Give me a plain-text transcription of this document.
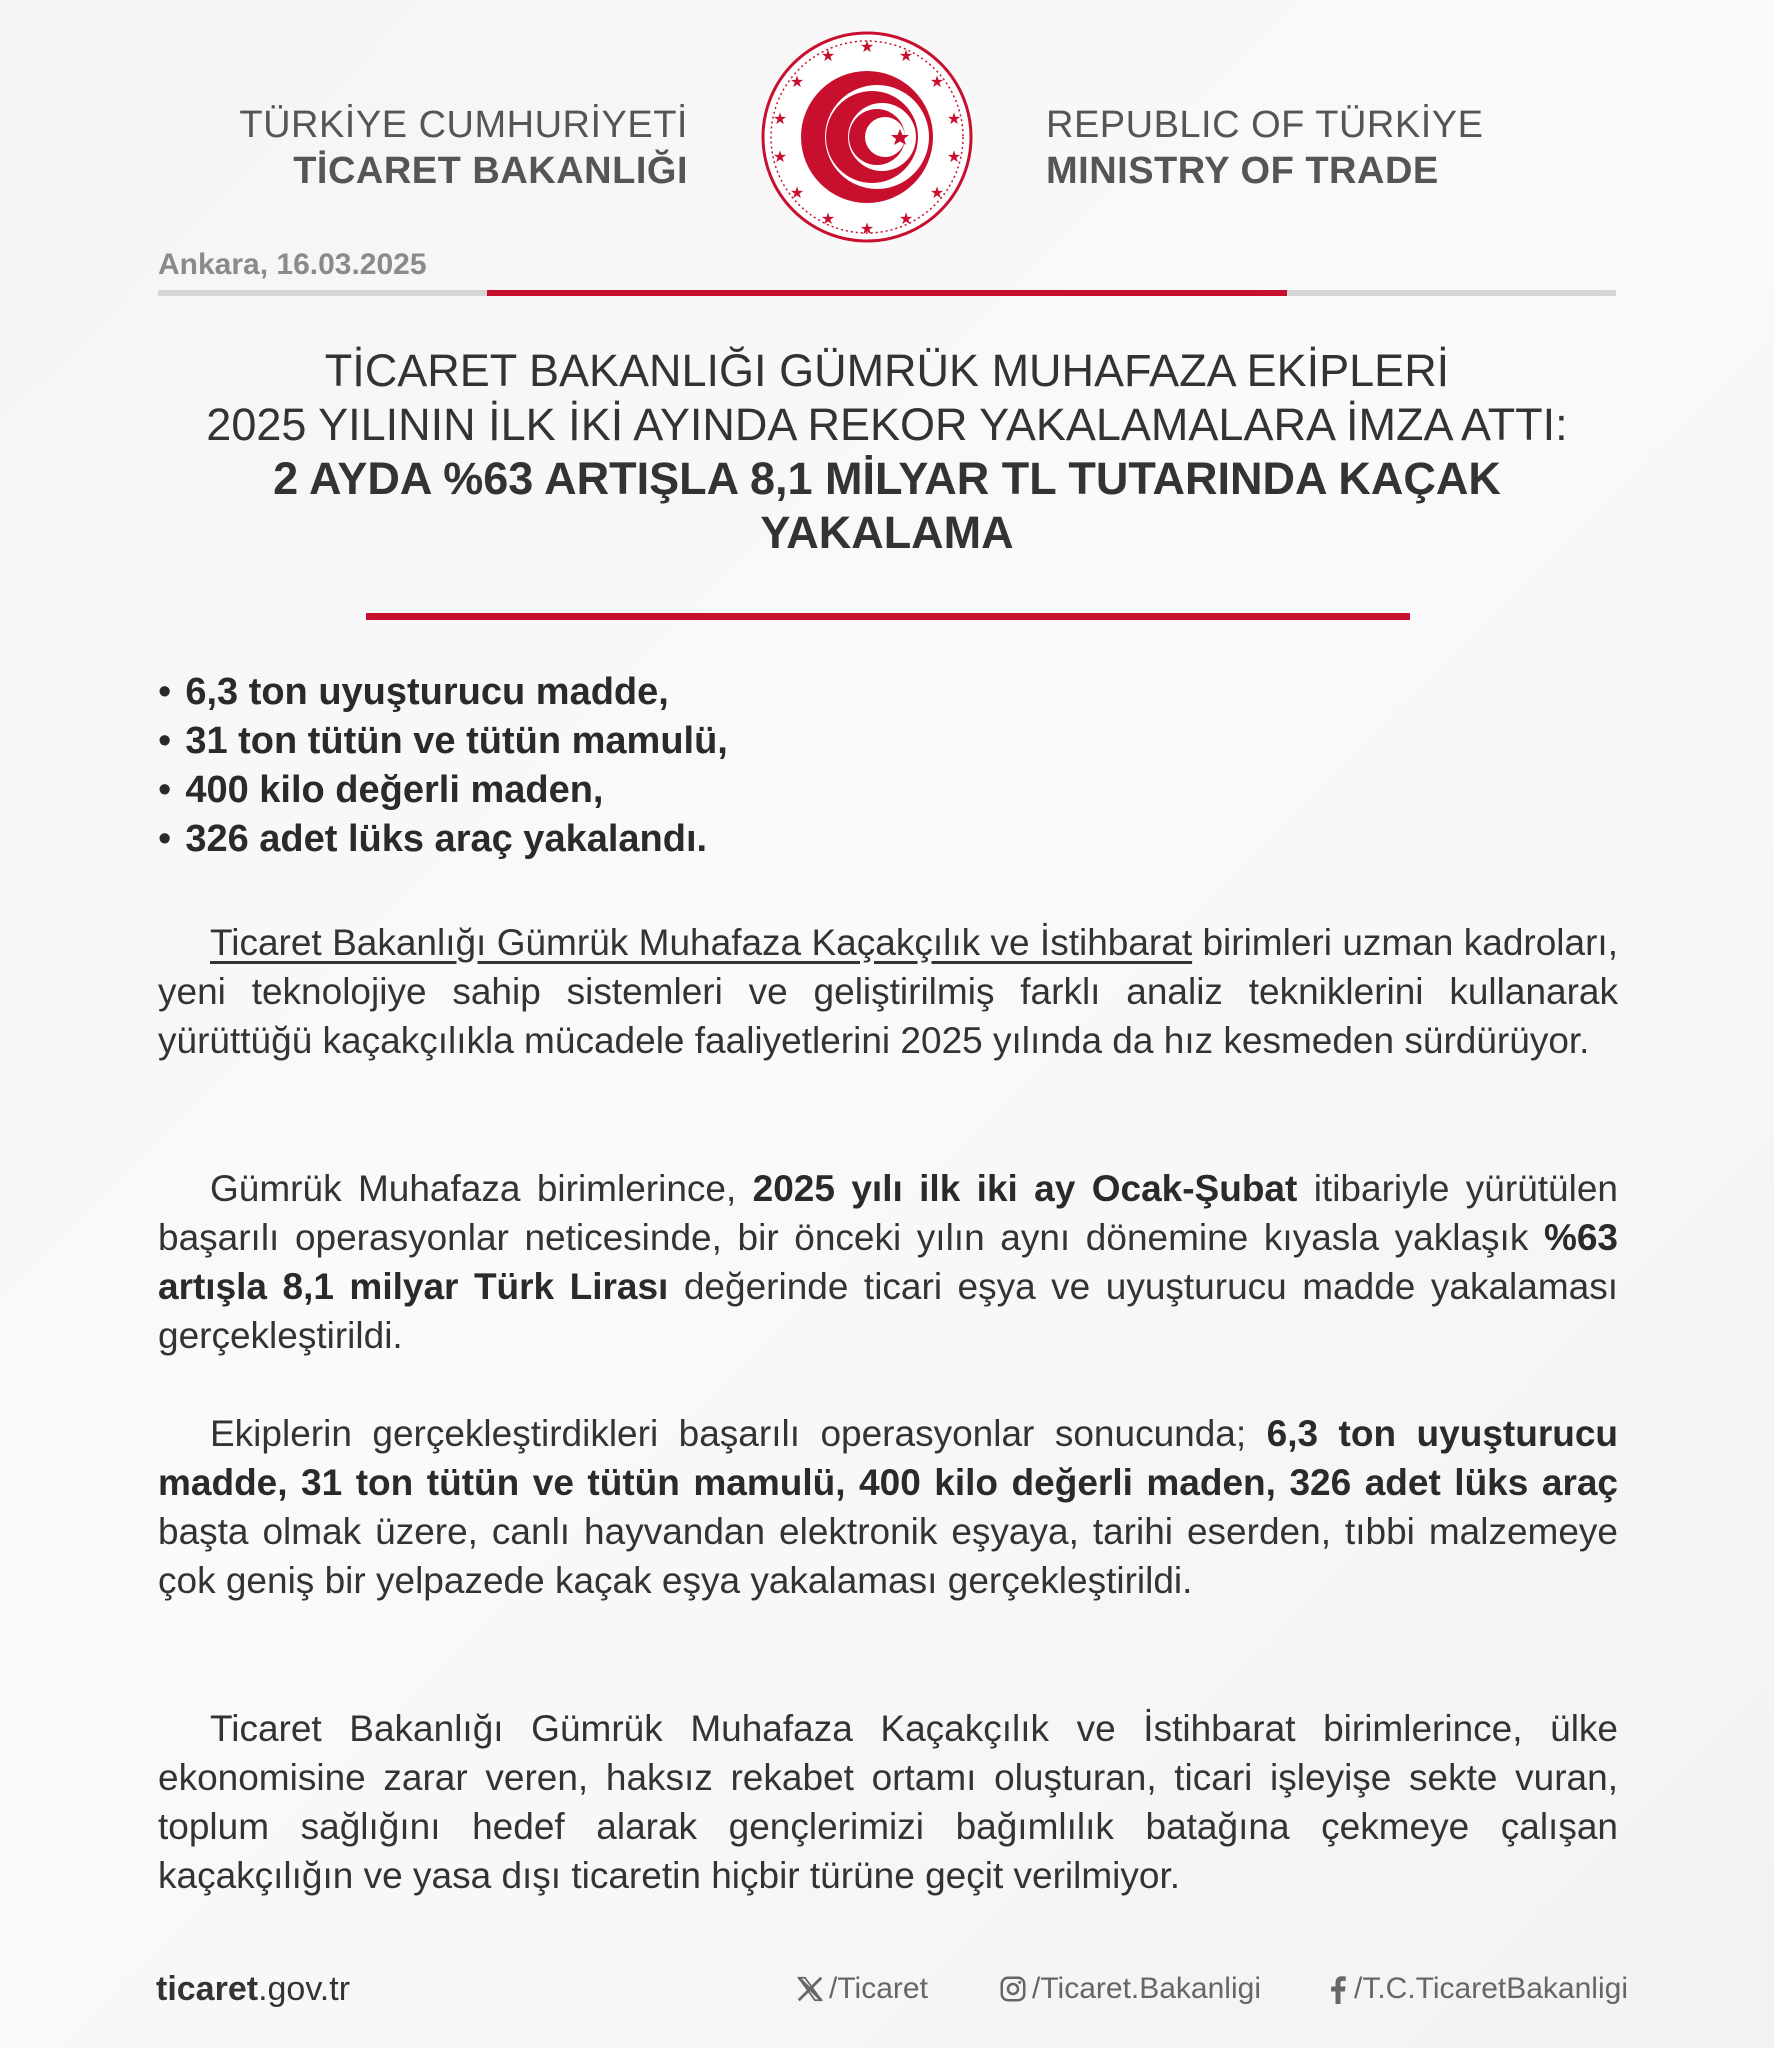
TÜRKİYE CUMHURİYETİ
TİCARET BAKANLIĞI
★ ★
★
★
★
★
★
★
★
★
★
★
★
★
REPUBLIC OF TÜRKİYE
MINISTRY OF TRADE
Ankara, 16.03.2025
TİCARET BAKANLIĞI GÜMRÜK MUHAFAZA EKİPLERİ
2025 YILININ İLK İKİ AYINDA REKOR YAKALAMALARA İMZA ATTI:
2 AYDA %63 ARTIŞLA 8,1 MİLYAR TL TUTARINDA KAÇAK
YAKALAMA
• 6,3 ton uyuşturucu madde,
• 31 ton tütün ve tütün mamulü,
• 400 kilo değerli maden,
• 326 adet lüks araç yakalandı.

Ticaret Bakanlığı Gümrük Muhafaza Kaçakçılık ve İstihbarat birimleri uzman kadroları, yeni teknolojiye sahip sistemleri ve geliştirilmiş farklı analiz tekniklerini kullanarak yürüttüğü kaçakçılıkla mücadele faaliyetlerini 2025 yılında da hız kesmeden sürdürüyor.

Gümrük Muhafaza birimlerince, 2025 yılı ilk iki ay Ocak-Şubat itibariyle yürütülen başarılı operasyonlar neticesinde, bir önceki yılın aynı dönemine kıyasla yaklaşık %63 artışla 8,1 milyar Türk Lirası değerinde ticari eşya ve uyuşturucu madde yakalaması gerçekleştirildi.

Ekiplerin gerçekleştirdikleri başarılı operasyonlar sonucunda; 6,3 ton uyuşturucu madde, 31 ton tütün ve tütün mamulü, 400 kilo değerli maden, 326 adet lüks araç başta olmak üzere, canlı hayvandan elektronik eşyaya, tarihi eserden, tıbbi malzemeye çok geniş bir yelpazede kaçak eşya yakalaması gerçekleştirildi.

Ticaret Bakanlığı Gümrük Muhafaza Kaçakçılık ve İstihbarat birimlerince, ülke ekonomisine zarar veren, haksız rekabet ortamı oluşturan, ticari işleyişe sekte vuran, toplum sağlığını hedef alarak gençlerimizi bağımlılık batağına çekmeye çalışan kaçakçılığın ve yasa dışı ticaretin hiçbir türüne geçit verilmiyor.

ticaret.gov.tr	/Ticaret	/Ticaret.Bakanligi	/T.C.TicaretBakanligi
